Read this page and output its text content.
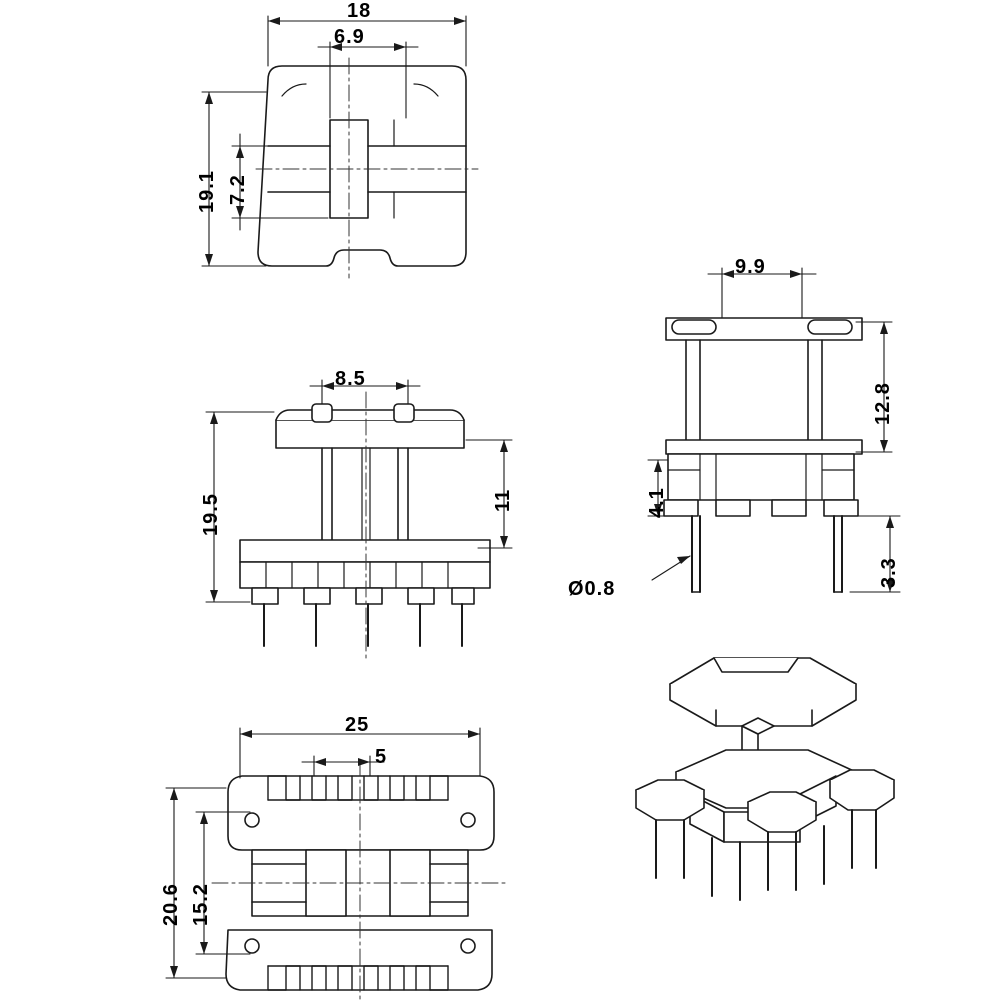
18
6.9
19.1 7.2
8.5
19.5	11
9.9
12.8
4.1
3.3
Ø0.8
25
5
20.6 15.2
